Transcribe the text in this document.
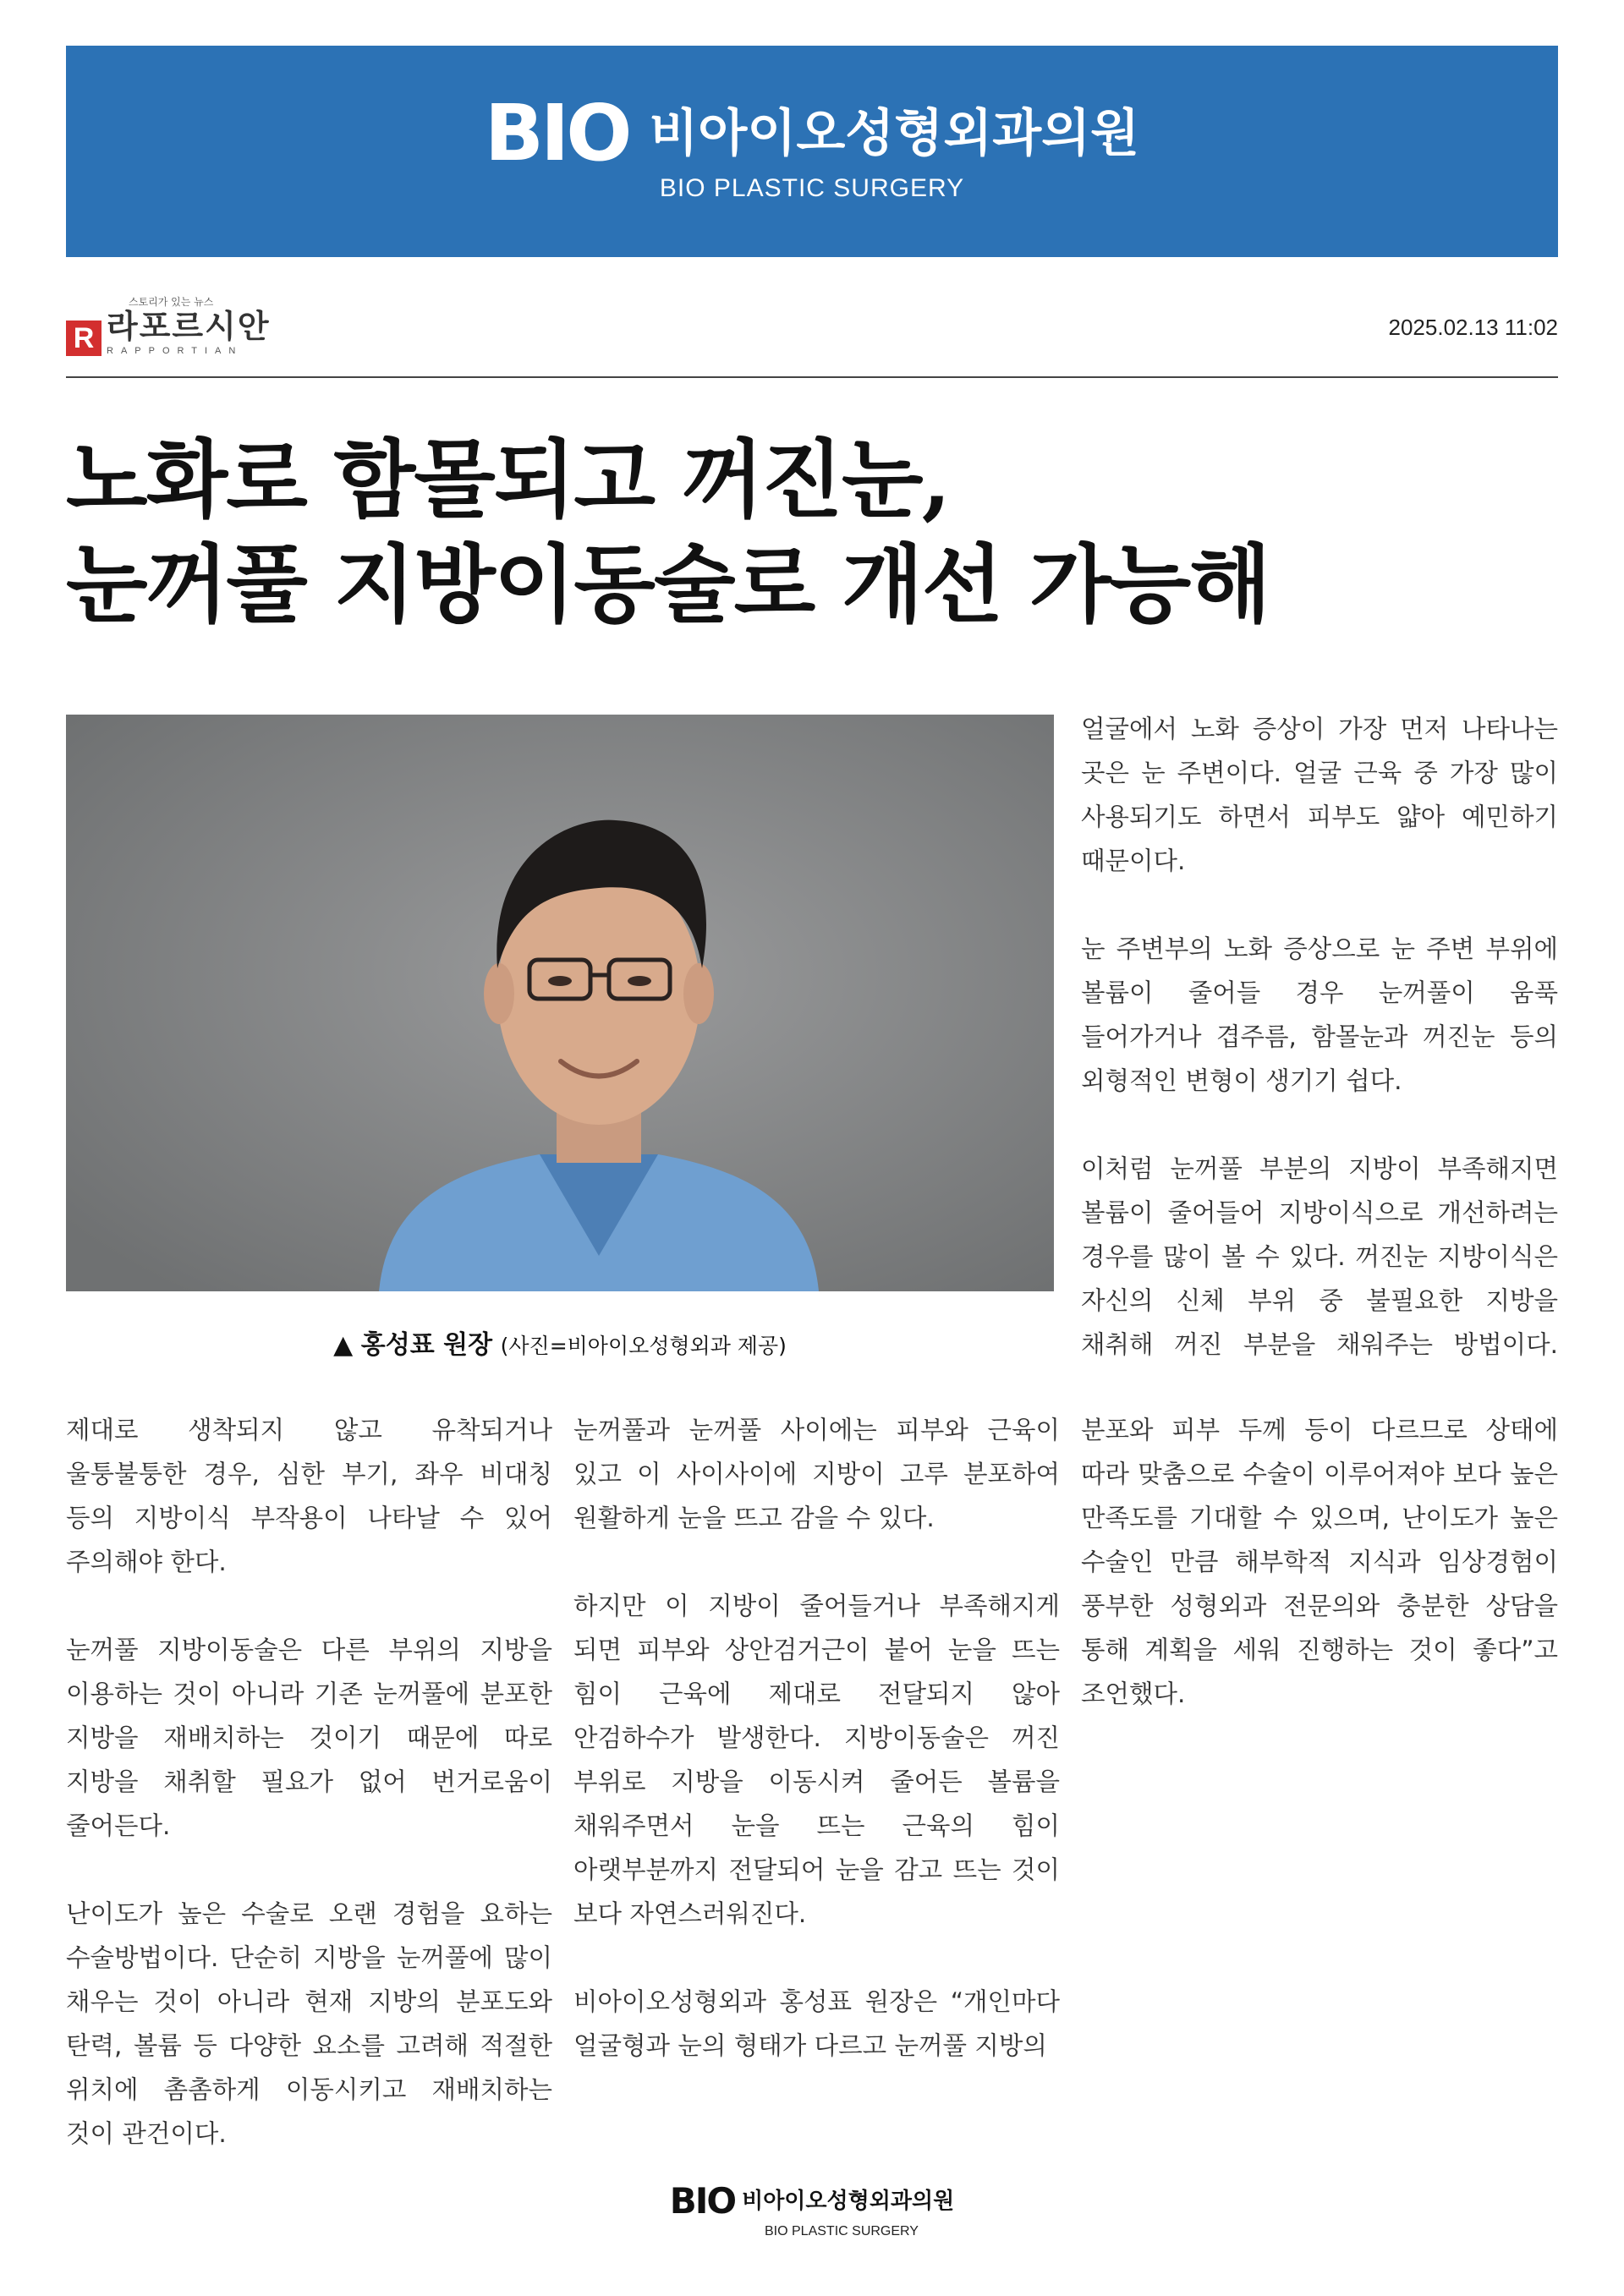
BIO 비아이오성형외과의원
BIO PLASTIC SURGERY
R
스토리가 있는 뉴스
라포르시안
RAPPORTIAN
2025.02.13 11:02
노화로 함몰되고 꺼진눈,
눈꺼풀 지방이동술로 개선 가능해
▲ 홍성표 원장 (사진=비아이오성형외과 제공)

얼굴에서 노화 증상이 가장 먼저 나타나는 곳은 눈 주변이다. 얼굴 근육 중 가장 많이 사용되기도 하면서 피부도 얇아 예민하기 때문이다.

눈 주변부의 노화 증상으로 눈 주변 부위에 볼륨이 줄어들 경우 눈꺼풀이 움푹 들어가거나 겹주름, 함몰눈과 꺼진눈 등의 외형적인 변형이 생기기 쉽다.

이처럼 눈꺼풀 부분의 지방이 부족해지면 볼륨이 줄어들어 지방이식으로 개선하려는 경우를 많이 볼 수 있다. 꺼진눈 지방이식은 자신의 신체 부위 중 불필요한 지방을 채취해 꺼진 부분을 채워주는 방법이다.

제대로 생착되지 않고 유착되거나 울퉁불퉁한 경우, 심한 부기, 좌우 비대칭 등의 지방이식 부작용이 나타날 수 있어 주의해야 한다.

눈꺼풀 지방이동술은 다른 부위의 지방을 이용하는 것이 아니라 기존 눈꺼풀에 분포한 지방을 재배치하는 것이기 때문에 따로 지방을 채취할 필요가 없어 번거로움이 줄어든다.

난이도가 높은 수술로 오랜 경험을 요하는 수술방법이다. 단순히 지방을 눈꺼풀에 많이 채우는 것이 아니라 현재 지방의 분포도와 탄력, 볼륨 등 다양한 요소를 고려해 적절한 위치에 촘촘하게 이동시키고 재배치하는 것이 관건이다.

눈꺼풀과 눈꺼풀 사이에는 피부와 근육이 있고 이 사이사이에 지방이 고루 분포하여 원활하게 눈을 뜨고 감을 수 있다.

하지만 이 지방이 줄어들거나 부족해지게 되면 피부와 상안검거근이 붙어 눈을 뜨는 힘이 근육에 제대로 전달되지 않아 안검하수가 발생한다. 지방이동술은 꺼진 부위로 지방을 이동시켜 줄어든 볼륨을 채워주면서 눈을 뜨는 근육의 힘이 아랫부분까지 전달되어 눈을 감고 뜨는 것이 보다 자연스러워진다.

비아이오성형외과 홍성표 원장은 “개인마다 얼굴형과 눈의 형태가 다르고 눈꺼풀 지방의

분포와 피부 두께 등이 다르므로 상태에 따라 맞춤으로 수술이 이루어져야 보다 높은 만족도를 기대할 수 있으며, 난이도가 높은 수술인 만큼 해부학적 지식과 임상경험이 풍부한 성형외과 전문의와 충분한 상담을 통해 계획을 세워 진행하는 것이 좋다”고 조언했다.

BIO 비아이오성형외과의원
BIO PLASTIC SURGERY
